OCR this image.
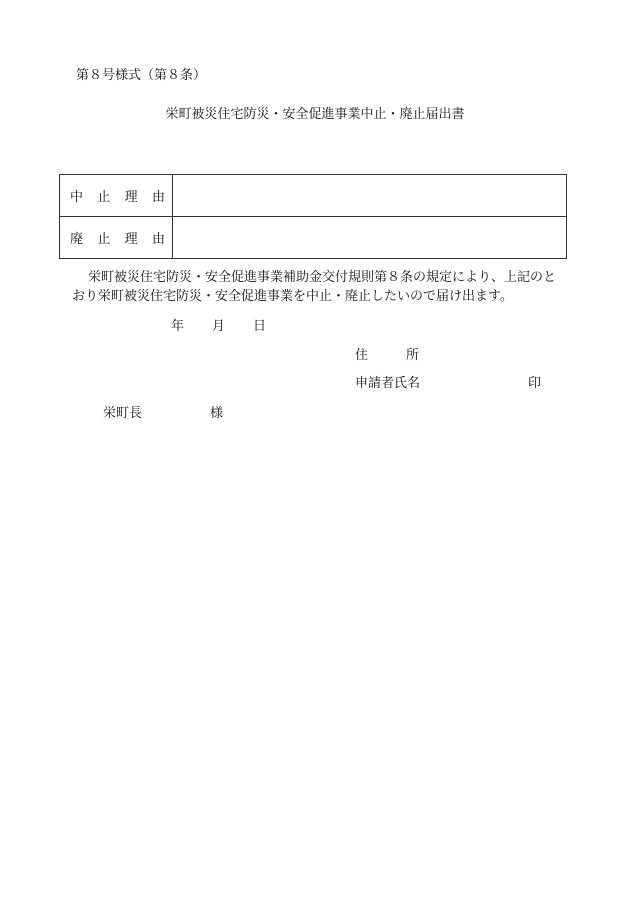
第８号様式（第８条）
栄町被災住宅防災・安全促進事業中止・廃止届出書
中 止 理 由	

廃 止 理 由	

栄町被災住宅防災・安全促進事業補助金交付規則第８条の規定により、上記のと
おり栄町被災住宅防災・安全促進事業を中止・廃止したいので届け出ます。
年 月 日
住	所
申請者氏名	印
栄町長	様
